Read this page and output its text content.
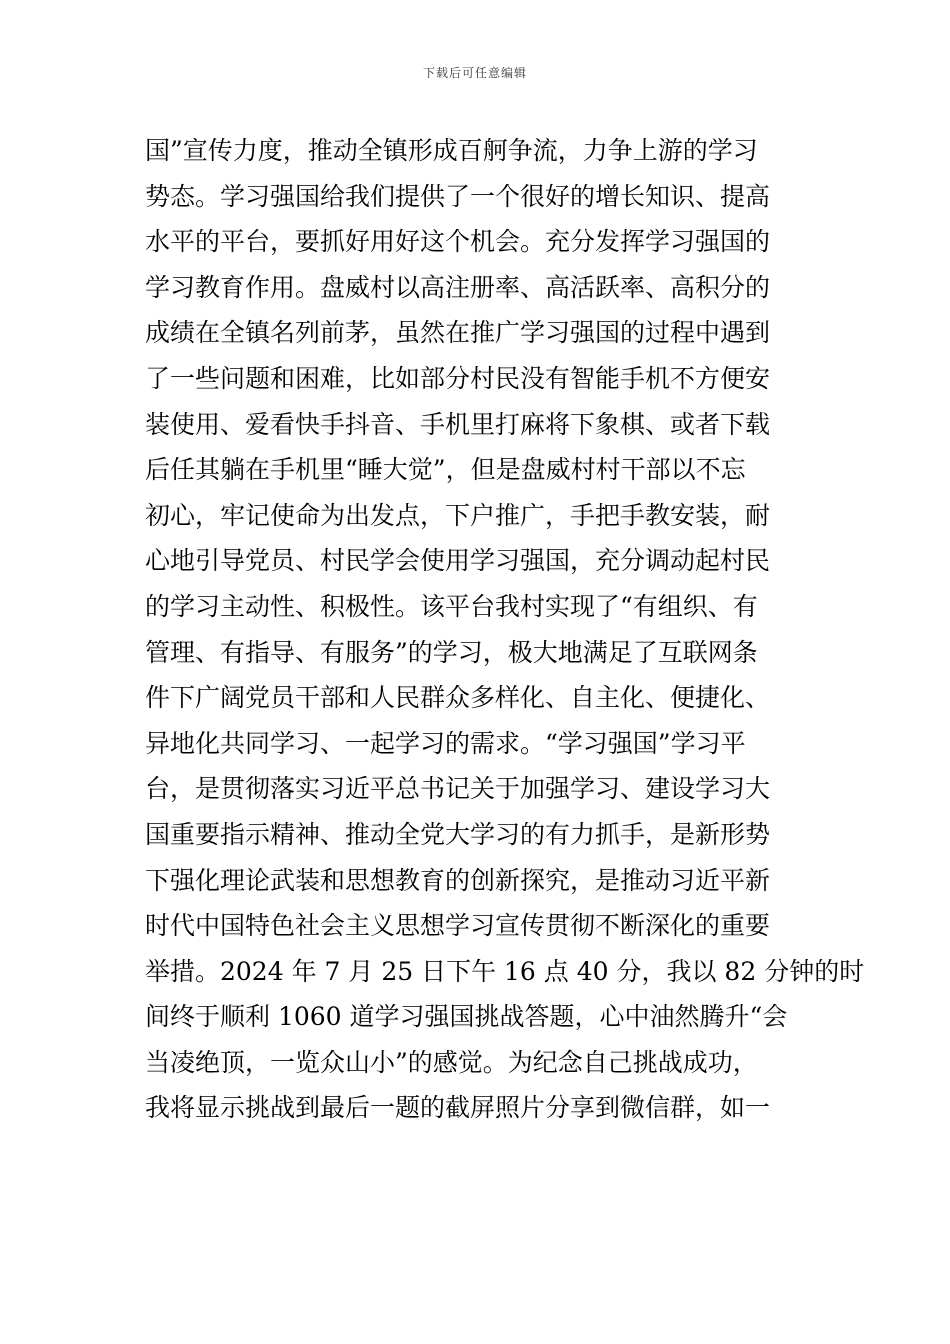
下载后可任意编辑
国”宣传力度，推动全镇形成百舸争流，力争上游的学习
势态。学习强国给我们提供了一个很好的增长知识、提高
水平的平台，要抓好用好这个机会。充分发挥学习强国的
学习教育作用。盘威村以高注册率、高活跃率、高积分的
成绩在全镇名列前茅，虽然在推广学习强国的过程中遇到
了一些问题和困难，比如部分村民没有智能手机不方便安
装使用、爱看快手抖音、手机里打麻将下象棋、或者下载
后任其躺在手机里“睡大觉”，但是盘威村村干部以不忘
初心，牢记使命为出发点，下户推广，手把手教安装，耐
心地引导党员、村民学会使用学习强国，充分调动起村民
的学习主动性、积极性。该平台我村实现了“有组织、有
管理、有指导、有服务”的学习，极大地满足了互联网条
件下广阔党员干部和人民群众多样化、自主化、便捷化、
异地化共同学习、一起学习的需求。“学习强国”学习平
台，是贯彻落实习近平总书记关于加强学习、建设学习大
国重要指示精神、推动全党大学习的有力抓手，是新形势
下强化理论武装和思想教育的创新探究，是推动习近平新
时代中国特色社会主义思想学习宣传贯彻不断深化的重要
举措。2024 年 7 月 25 日下午 16 点 40 分，我以 82 分钟的时
间终于顺利 1060 道学习强国挑战答题，心中油然腾升“会
当凌绝顶，一览众山小”的感觉。为纪念自己挑战成功，
我将显示挑战到最后一题的截屏照片分享到微信群，如一
